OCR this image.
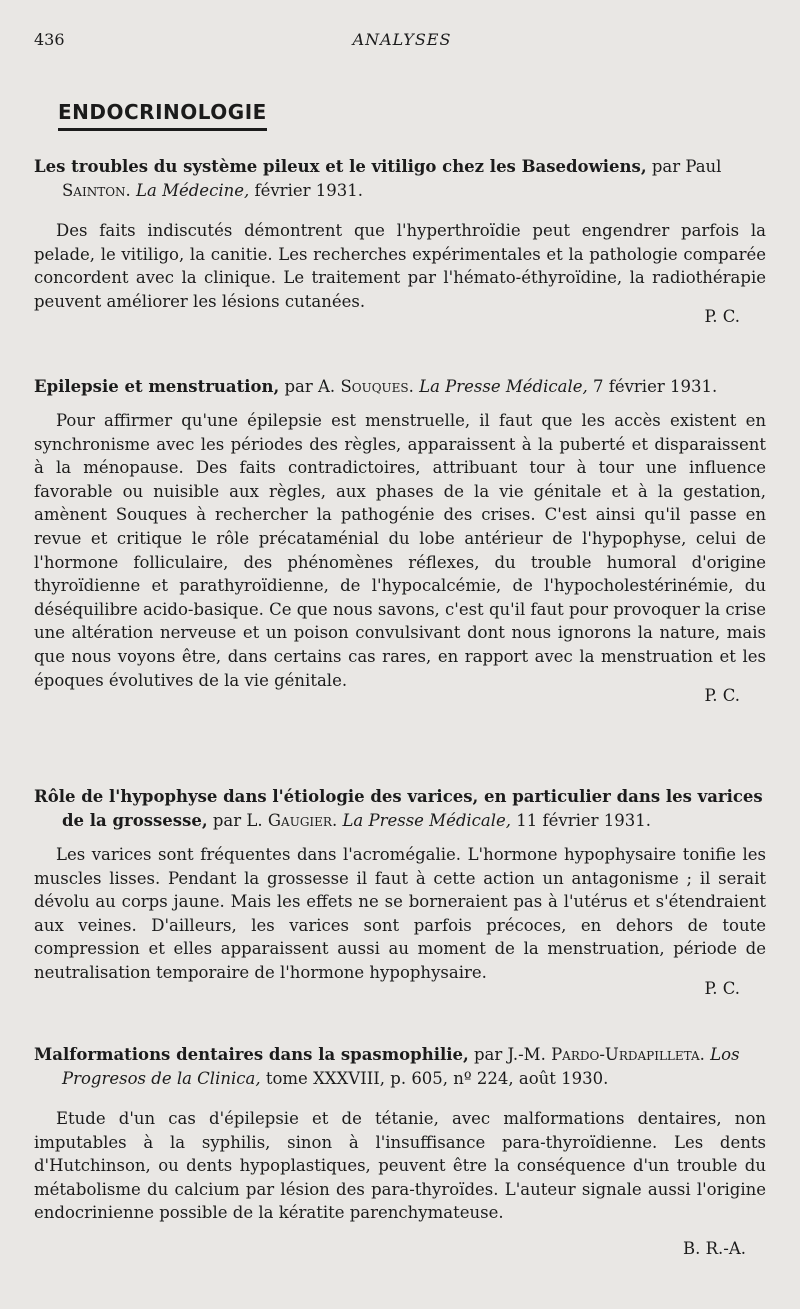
436	ANALYSES
ENDOCRINOLOGIE
Les troubles du système pileux et le vitiligo chez les Basedowiens, par Paul Sainton. La Médecine, février 1931.
Des faits indiscutés démontrent que l'hyperthroïdie peut engendrer parfois la pelade, le vitiligo, la canitie. Les recherches expérimentales et la pathologie comparée concordent avec la clinique. Le traitement par l'hémato-éthyroïdine, la radiothérapie peuvent améliorer les lésions cutanées.
P. C.
Epilepsie et menstruation, par A. Souques. La Presse Médicale, 7 février 1931.
Pour affirmer qu'une épilepsie est menstruelle, il faut que les accès existent en synchronisme avec les périodes des règles, apparaissent à la puberté et disparaissent à la ménopause. Des faits contradictoires, attribuant tour à tour une influence favorable ou nuisible aux règles, aux phases de la vie génitale et à la gestation, amènent Souques à rechercher la pathogénie des crises. C'est ainsi qu'il passe en revue et critique le rôle précataménial du lobe antérieur de l'hypophyse, celui de l'hormone folliculaire, des phénomènes réflexes, du trouble humoral d'origine thyroïdienne et parathyroïdienne, de l'hypocalcémie, de l'hypocholestérinémie, du déséquilibre acido-basique. Ce que nous savons, c'est qu'il faut pour provoquer la crise une altération nerveuse et un poison convulsivant dont nous ignorons la nature, mais que nous voyons être, dans certains cas rares, en rapport avec la menstruation et les époques évolutives de la vie génitale.
P. C.
Rôle de l'hypophyse dans l'étiologie des varices, en particulier dans les varices de la grossesse, par L. Gaugier. La Presse Médicale, 11 février 1931.
Les varices sont fréquentes dans l'acromégalie. L'hormone hypophysaire tonifie les muscles lisses. Pendant la grossesse il faut à cette action un antagonisme ; il serait dévolu au corps jaune. Mais les effets ne se borneraient pas à l'utérus et s'étendraient aux veines. D'ailleurs, les varices sont parfois précoces, en dehors de toute compression et elles apparaissent aussi au moment de la menstruation, période de neutralisation temporaire de l'hormone hypophysaire.
P. C.
Malformations dentaires dans la spasmophilie, par J.-M. Pardo-Urdapilleta. Los Progresos de la Clinica, tome XXXVIII, p. 605, nº 224, août 1930.
Etude d'un cas d'épilepsie et de tétanie, avec malformations dentaires, non imputables à la syphilis, sinon à l'insuffisance para-thyroïdienne. Les dents d'Hutchinson, ou dents hypoplastiques, peuvent être la conséquence d'un trouble du métabolisme du calcium par lésion des para-thyroïdes. L'auteur signale aussi l'origine endocrinienne possible de la kératite parenchymateuse.
B. R.-A.
